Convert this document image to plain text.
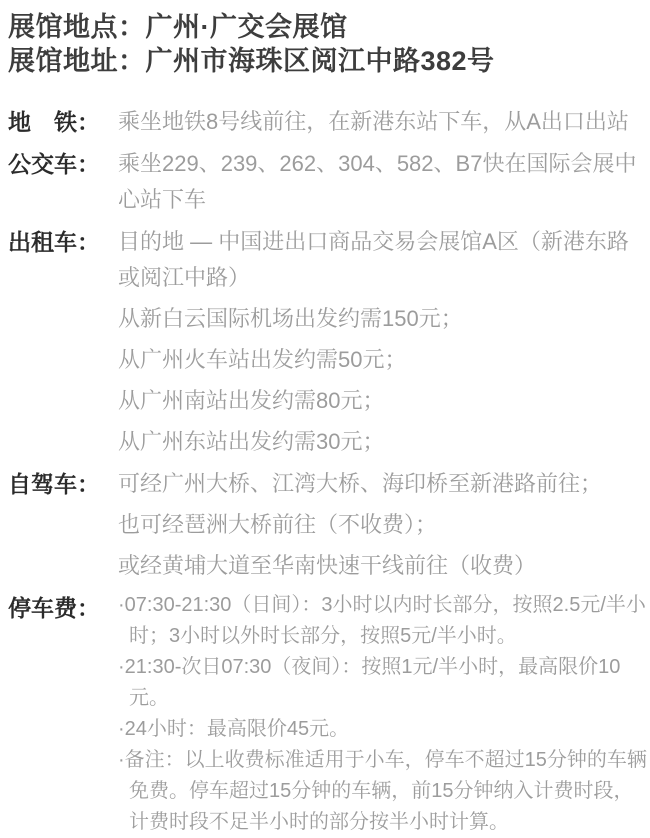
展馆地点：广州·广交会展馆
展馆地址：广州市海珠区阅江中路382号
地　铁： 乘坐地铁8号线前往，在新港东站下车，从A出口出站

公交车： 乘坐229、239、262、304、582、B7快在国际会展中心站下车

出租车： 目的地 — 中国进出口商品交易会展馆A区（新港东路或阅江中路）

从新白云国际机场出发约需150元；

从广州火车站出发约需50元；

从广州南站出发约需80元；

从广州东站出发约需30元；

自驾车： 可经广州大桥、江湾大桥、海印桥至新港路前往；

也可经琶洲大桥前往（不收费）；

或经黄埔大道至华南快速干线前往（收费）

停车费： ·07:30-21:30（日间）：3小时以内时长部分，按照2.5元/半小时；3小时以外时长部分，按照5元/半小时。

·21:30-次日07:30（夜间）：按照1元/半小时，最高限价10元。

·24小时：最高限价45元。

·备注：以上收费标准适用于小车，停车不超过15分钟的车辆免费。停车超过15分钟的车辆，前15分钟纳入计费时段，计费时段不足半小时的部分按半小时计算。
